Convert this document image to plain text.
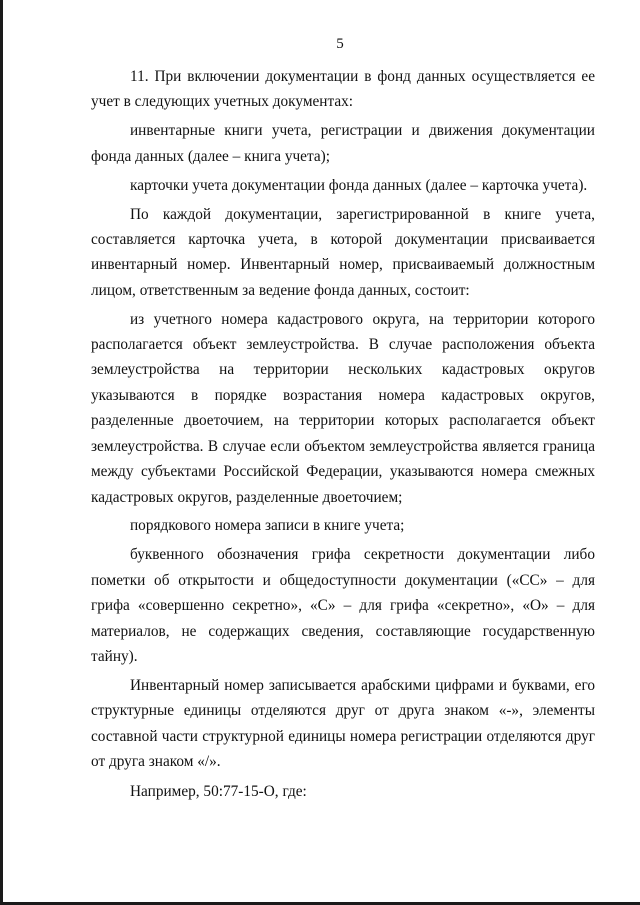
5

11. При включении документации в фонд данных осуществляется ее учет в следующих учетных документах:

инвентарные книги учета, регистрации и движения документации фонда данных (далее – книга учета);

карточки учета документации фонда данных (далее – карточка учета).

По каждой документации, зарегистрированной в книге учета, составляется карточка учета, в которой документации присваивается инвентарный номер. Инвентарный номер, присваиваемый должностным лицом, ответственным за ведение фонда данных, состоит:

из учетного номера кадастрового округа, на территории которого располагается объект землеустройства. В случае расположения объекта землеустройства на территории нескольких кадастровых округов указываются в порядке возрастания номера кадастровых округов, разделенные двоеточием, на территории которых располагается объект землеустройства. В случае если объектом землеустройства является граница между субъектами Российской Федерации, указываются номера смежных кадастровых округов, разделенные двоеточием;

порядкового номера записи в книге учета;

буквенного обозначения грифа секретности документации либо пометки об открытости и общедоступности документации («СС» – для грифа «совершенно секретно», «С» – для грифа «секретно», «О» – для материалов, не содержащих сведения, составляющие государственную тайну).

Инвентарный номер записывается арабскими цифрами и буквами, его структурные единицы отделяются друг от друга знаком «-», элементы составной части структурной единицы номера регистрации отделяются друг от друга знаком «/».

Например, 50:77-15-О, где:
